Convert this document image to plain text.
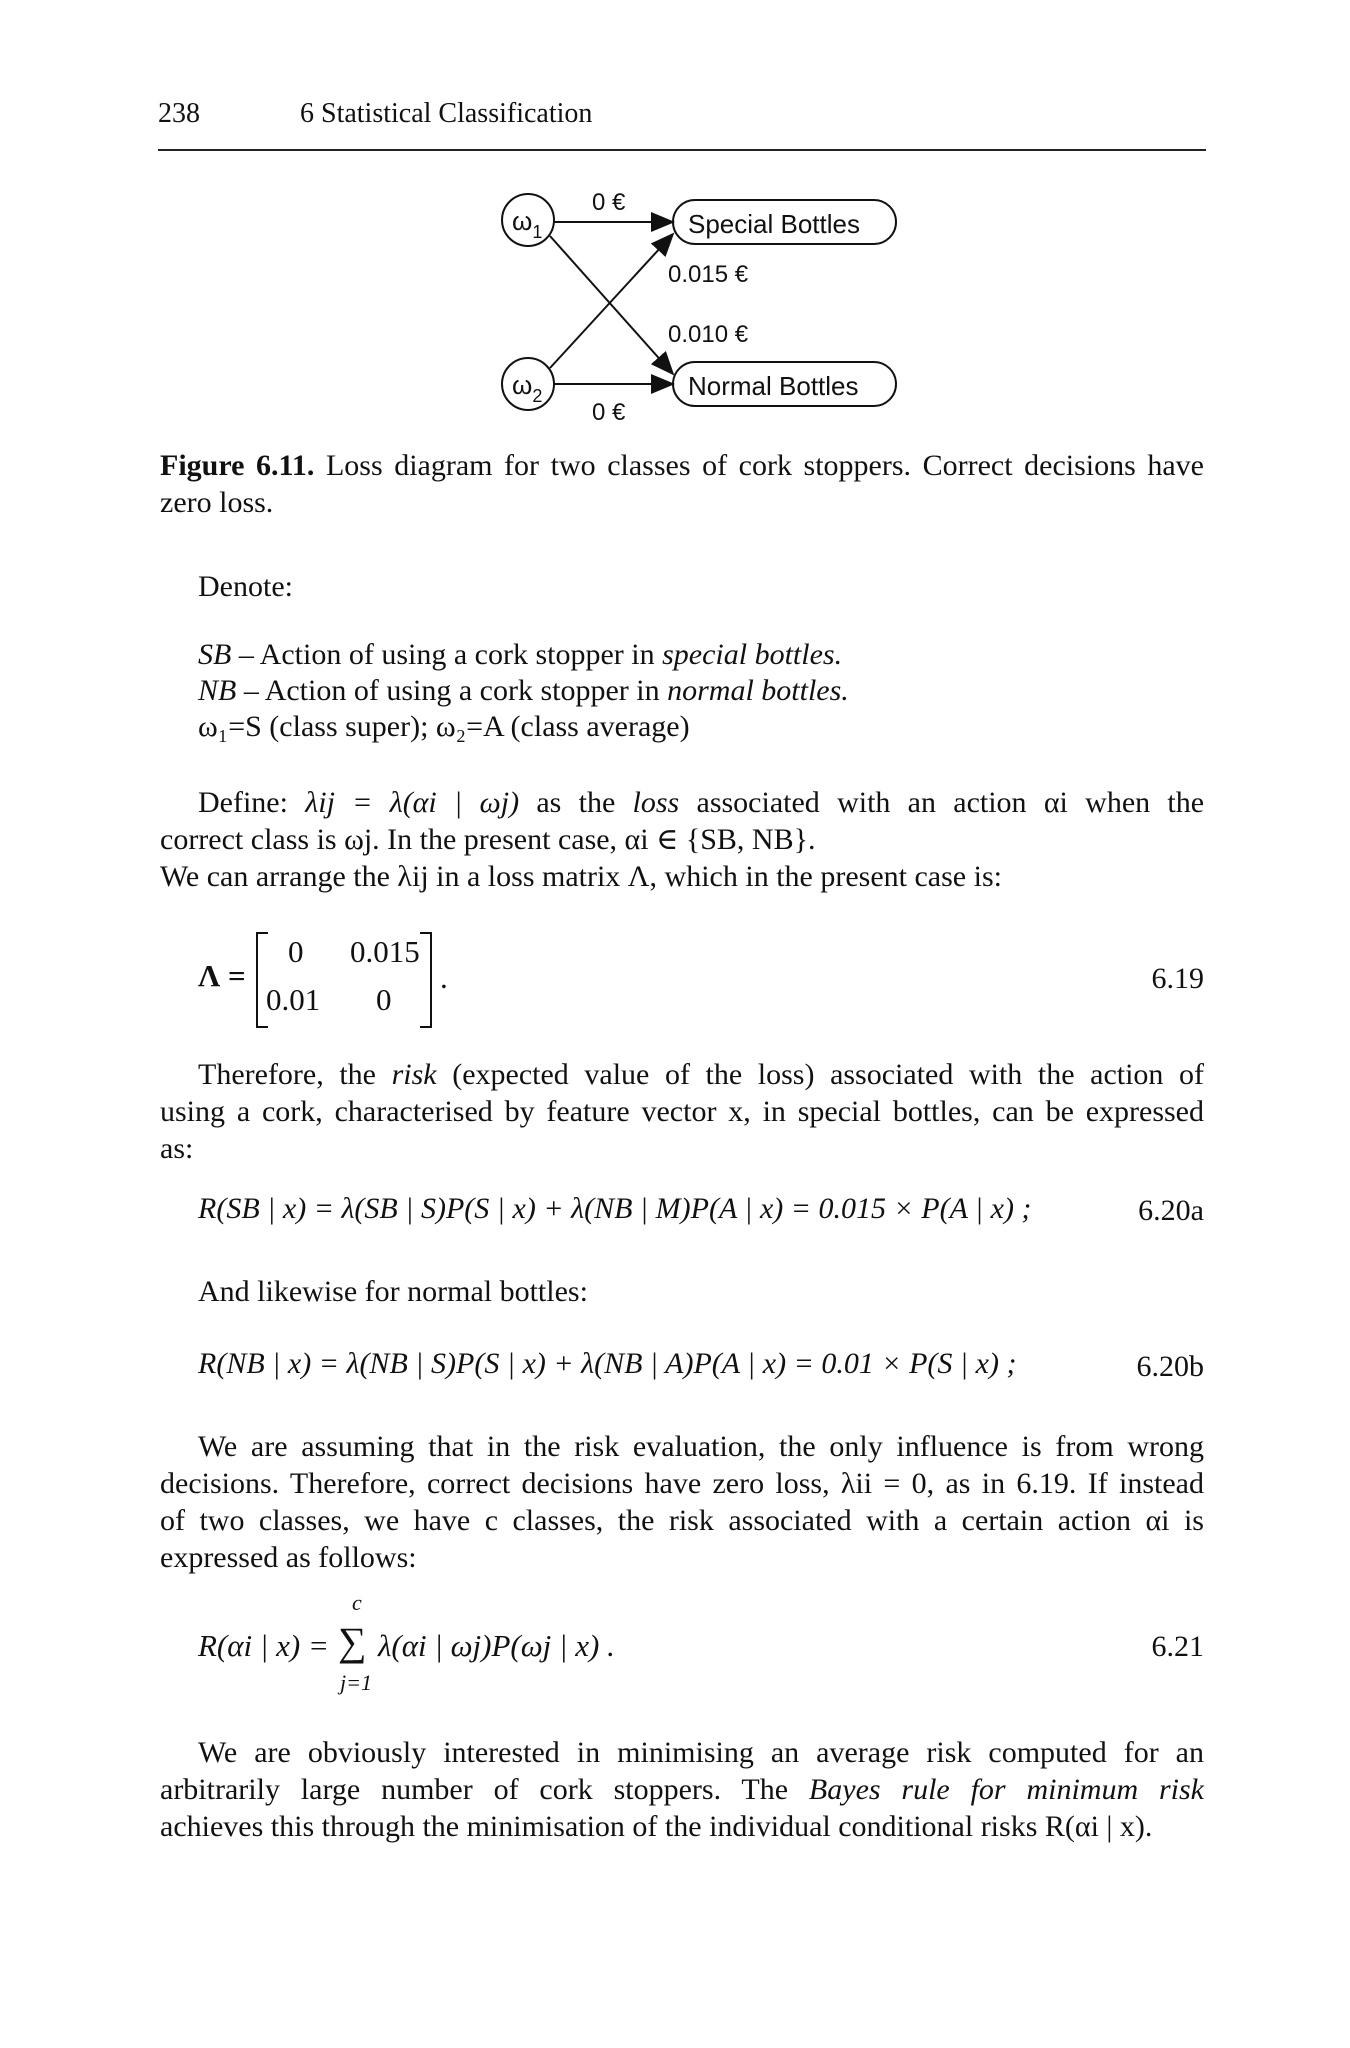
238	6 Statistical Classification
$\omega_1$
$\omega_2$
Special Bottles
Normal Bottles
0 €
0.015 €
0.010 €
0 €
Figure 6.11. Loss diagram for two classes of cork stoppers. Correct decisions have
zero loss.
Denote:
SB – Action of using a cork stopper in special bottles.
NB – Action of using a cork stopper in normal bottles.
ω₁=S (class super); ω₂=A (class average)
Define: λij = λ(αi | ωj) as the loss associated with an action αi when the
correct class is ωj. In the present case, αi ∈ {SB, NB}.
We can arrange the λij in a loss matrix Λ, which in the present case is:
Λ =
0 0.015
0.01 0
.	6.19
Therefore, the risk (expected value of the loss) associated with the action of
using a cork, characterised by feature vector x, in special bottles, can be expressed
as:
R(SB | x) = λ(SB | S)P(S | x) + λ(NB | M)P(A | x) = 0.015 × P(A | x) ;	6.20a
And likewise for normal bottles:
R(NB | x) = λ(NB | S)P(S | x) + λ(NB | A)P(A | x) = 0.01 × P(S | x) ;	6.20b
We are assuming that in the risk evaluation, the only influence is from wrong
decisions. Therefore, correct decisions have zero loss, λii = 0, as in 6.19. If instead
of two classes, we have c classes, the risk associated with a certain action αi is
expressed as follows:
R(αi | x) =
c
∑
j=1
λ(αi | ωj)P(ωj | x) .	6.21
We are obviously interested in minimising an average risk computed for an
arbitrarily large number of cork stoppers. The Bayes rule for minimum risk
achieves this through the minimisation of the individual conditional risks R(αi | x).
